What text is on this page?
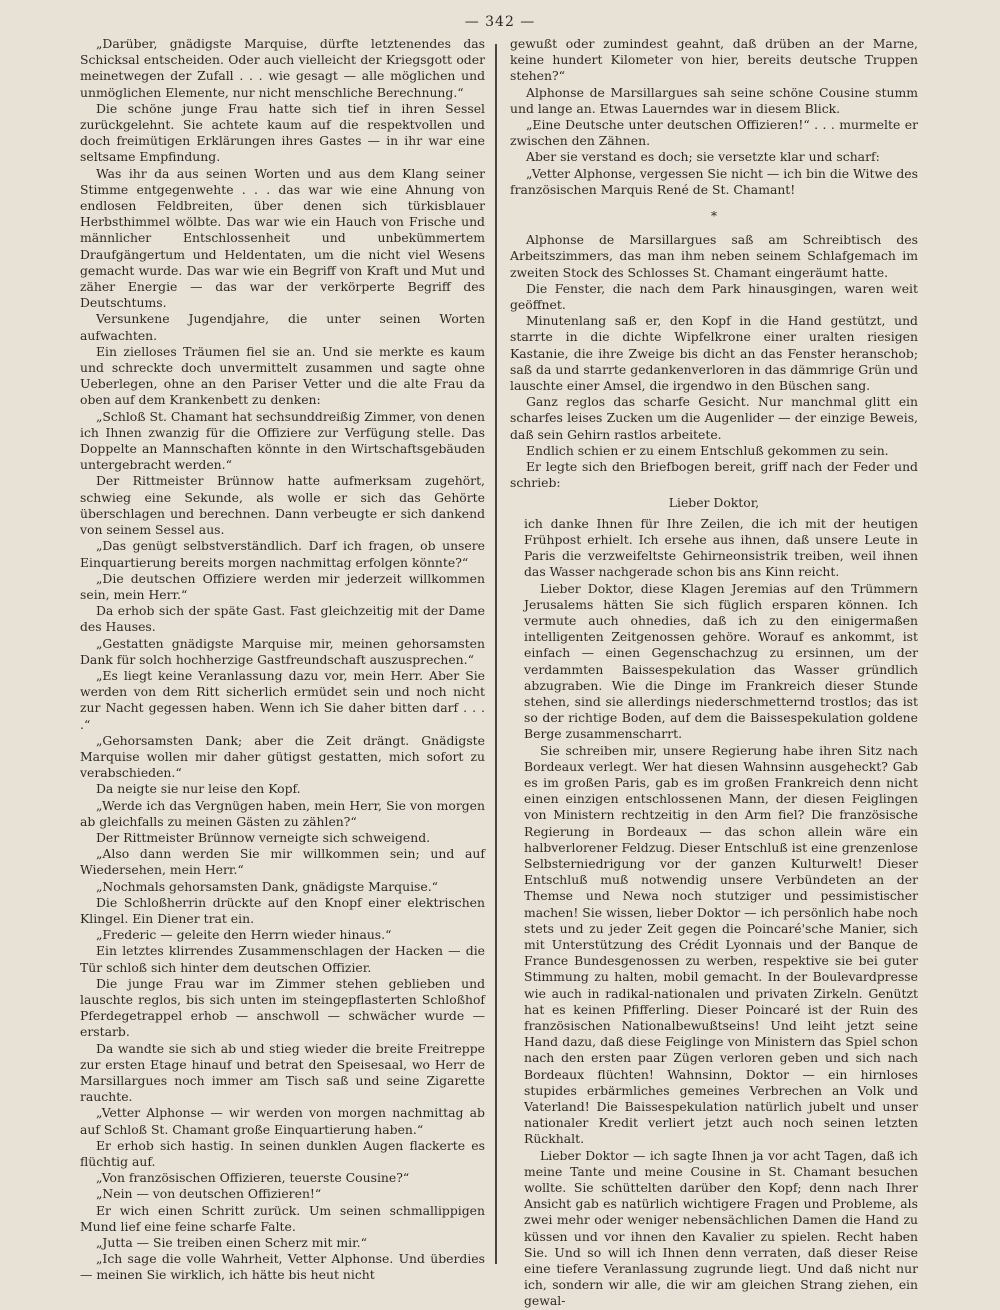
— 342 —

„Darüber, gnädigste Marquise, dürfte letztenendes das Schicksal entscheiden. Oder auch vielleicht der Kriegsgott oder meinetwegen der Zufall . . . wie gesagt — alle möglichen und unmöglichen Elemente, nur nicht menschliche Berechnung.“

Die schöne junge Frau hatte sich tief in ihren Sessel zurückgelehnt. Sie achtete kaum auf die respektvollen und doch freimütigen Erklärungen ihres Gastes — in ihr war eine seltsame Empfindung.

Was ihr da aus seinen Worten und aus dem Klang seiner Stimme entgegenwehte . . . das war wie eine Ahnung von endlosen Feldbreiten, über denen sich türkisblauer Herbsthimmel wölbte. Das war wie ein Hauch von Frische und männlicher Entschlossenheit und unbekümmertem Draufgängertum und Heldentaten, um die nicht viel Wesens gemacht wurde. Das war wie ein Begriff von Kraft und Mut und zäher Energie — das war der verkörperte Begriff des Deutschtums.

Versunkene Jugendjahre, die unter seinen Worten aufwachten.

Ein zielloses Träumen fiel sie an. Und sie merkte es kaum und schreckte doch unvermittelt zusammen und sagte ohne Ueberlegen, ohne an den Pariser Vetter und die alte Frau da oben auf dem Krankenbett zu denken:

„Schloß St. Chamant hat sechsunddreißig Zimmer, von denen ich Ihnen zwanzig für die Offiziere zur Verfügung stelle. Das Doppelte an Mannschaften könnte in den Wirtschaftsgebäuden untergebracht werden.“

Der Rittmeister Brünnow hatte aufmerksam zugehört, schwieg eine Sekunde, als wolle er sich das Gehörte überschlagen und berechnen. Dann verbeugte er sich dankend von seinem Sessel aus.

„Das genügt selbstverständlich. Darf ich fragen, ob unsere Einquartierung bereits morgen nachmittag erfolgen könnte?“

„Die deutschen Offiziere werden mir jederzeit willkommen sein, mein Herr.“

Da erhob sich der späte Gast. Fast gleichzeitig mit der Dame des Hauses.

„Gestatten gnädigste Marquise mir, meinen gehorsamsten Dank für solch hochherzige Gastfreundschaft auszusprechen.“

„Es liegt keine Veranlassung dazu vor, mein Herr. Aber Sie werden von dem Ritt sicherlich ermüdet sein und noch nicht zur Nacht gegessen haben. Wenn ich Sie daher bitten darf . . . .“

„Gehorsamsten Dank; aber die Zeit drängt. Gnädigste Marquise wollen mir daher gütigst gestatten, mich sofort zu verabschieden.“

Da neigte sie nur leise den Kopf.

„Werde ich das Vergnügen haben, mein Herr, Sie von morgen ab gleichfalls zu meinen Gästen zu zählen?“

Der Rittmeister Brünnow verneigte sich schweigend.

„Also dann werden Sie mir willkommen sein; und auf Wiedersehen, mein Herr.“

„Nochmals gehorsamsten Dank, gnädigste Marquise.“

Die Schloßherrin drückte auf den Knopf einer elektrischen Klingel. Ein Diener trat ein.

„Frederic — geleite den Herrn wieder hinaus.“

Ein letztes klirrendes Zusammenschlagen der Hacken — die Tür schloß sich hinter dem deutschen Offizier.

Die junge Frau war im Zimmer stehen geblieben und lauschte reglos, bis sich unten im steingepflasterten Schloßhof Pferdegetrappel erhob — anschwoll — schwächer wurde — erstarb.

Da wandte sie sich ab und stieg wieder die breite Freitreppe zur ersten Etage hinauf und betrat den Speisesaal, wo Herr de Marsillargues noch immer am Tisch saß und seine Zigarette rauchte.

„Vetter Alphonse — wir werden von morgen nachmittag ab auf Schloß St. Chamant große Einquartierung haben.“

Er erhob sich hastig. In seinen dunklen Augen flackerte es flüchtig auf.

„Von französischen Offizieren, teuerste Cousine?“

„Nein — von deutschen Offizieren!“

Er wich einen Schritt zurück. Um seinen schmallippigen Mund lief eine feine scharfe Falte.

„Jutta — Sie treiben einen Scherz mit mir.“

„Ich sage die volle Wahrheit, Vetter Alphonse. Und überdies — meinen Sie wirklich, ich hätte bis heut nicht

gewußt oder zumindest geahnt, daß drüben an der Marne, keine hundert Kilometer von hier, bereits deutsche Truppen stehen?“

Alphonse de Marsillargues sah seine schöne Cousine stumm und lange an. Etwas Lauerndes war in diesem Blick.

„Eine Deutsche unter deutschen Offizieren!“ . . . murmelte er zwischen den Zähnen.

Aber sie verstand es doch; sie versetzte klar und scharf:

„Vetter Alphonse, vergessen Sie nicht — ich bin die Witwe des französischen Marquis René de St. Chamant!

*

Alphonse de Marsillargues saß am Schreibtisch des Arbeitszimmers, das man ihm neben seinem Schlafgemach im zweiten Stock des Schlosses St. Chamant eingeräumt hatte.

Die Fenster, die nach dem Park hinausgingen, waren weit geöffnet.

Minutenlang saß er, den Kopf in die Hand gestützt, und starrte in die dichte Wipfelkrone einer uralten riesigen Kastanie, die ihre Zweige bis dicht an das Fenster heranschob; saß da und starrte gedankenverloren in das dämmrige Grün und lauschte einer Amsel, die irgendwo in den Büschen sang.

Ganz reglos das scharfe Gesicht. Nur manchmal glitt ein scharfes leises Zucken um die Augenlider — der einzige Beweis, daß sein Gehirn rastlos arbeitete.

Endlich schien er zu einem Entschluß gekommen zu sein.

Er legte sich den Briefbogen bereit, griff nach der Feder und schrieb:

Lieber Doktor,

ich danke Ihnen für Ihre Zeilen, die ich mit der heutigen Frühpost erhielt. Ich ersehe aus ihnen, daß unsere Leute in Paris die verzweifeltste Gehirneonsistrik treiben, weil ihnen das Wasser nachgerade schon bis ans Kinn reicht.

Lieber Doktor, diese Klagen Jeremias auf den Trümmern Jerusalems hätten Sie sich füglich ersparen können. Ich vermute auch ohnedies, daß ich zu den einigermaßen intelligenten Zeitgenossen gehöre. Worauf es ankommt, ist einfach — einen Gegenschachzug zu ersinnen, um der verdammten Baissespekulation das Wasser gründlich abzugraben. Wie die Dinge im Frankreich dieser Stunde stehen, sind sie allerdings niederschmetternd trostlos; das ist so der richtige Boden, auf dem die Baissespekulation goldene Berge zusammenscharrt.

Sie schreiben mir, unsere Regierung habe ihren Sitz nach Bordeaux verlegt. Wer hat diesen Wahnsinn ausgeheckt? Gab es im großen Paris, gab es im großen Frankreich denn nicht einen einzigen entschlossenen Mann, der diesen Feiglingen von Ministern rechtzeitig in den Arm fiel? Die französische Regierung in Bordeaux — das schon allein wäre ein halbverlorener Feldzug. Dieser Entschluß ist eine grenzenlose Selbsterniedrigung vor der ganzen Kulturwelt! Dieser Entschluß muß notwendig unsere Verbündeten an der Themse und Newa noch stutziger und pessimistischer machen! Sie wissen, lieber Doktor — ich persönlich habe noch stets und zu jeder Zeit gegen die Poincaré'sche Manier, sich mit Unterstützung des Crédit Lyonnais und der Banque de France Bundesgenossen zu werben, respektive sie bei guter Stimmung zu halten, mobil gemacht. In der Boulevardpresse wie auch in radikal-nationalen und privaten Zirkeln. Genützt hat es keinen Pfifferling. Dieser Poincaré ist der Ruin des französischen Nationalbewußtseins! Und leiht jetzt seine Hand dazu, daß diese Feiglinge von Ministern das Spiel schon nach den ersten paar Zügen verloren geben und sich nach Bordeaux flüchten! Wahnsinn, Doktor — ein hirnloses stupides erbärmliches gemeines Verbrechen an Volk und Vaterland! Die Baissespekulation natürlich jubelt und unser nationaler Kredit verliert jetzt auch noch seinen letzten Rückhalt.

Lieber Doktor — ich sagte Ihnen ja vor acht Tagen, daß ich meine Tante und meine Cousine in St. Chamant besuchen wollte. Sie schüttelten darüber den Kopf; denn nach Ihrer Ansicht gab es natürlich wichtigere Fragen und Probleme, als zwei mehr oder weniger nebensächlichen Damen die Hand zu küssen und vor ihnen den Kavalier zu spielen. Recht haben Sie. Und so will ich Ihnen denn verraten, daß dieser Reise eine tiefere Veranlassung zugrunde liegt. Und daß nicht nur ich, sondern wir alle, die wir am gleichen Strang ziehen, ein gewal-
